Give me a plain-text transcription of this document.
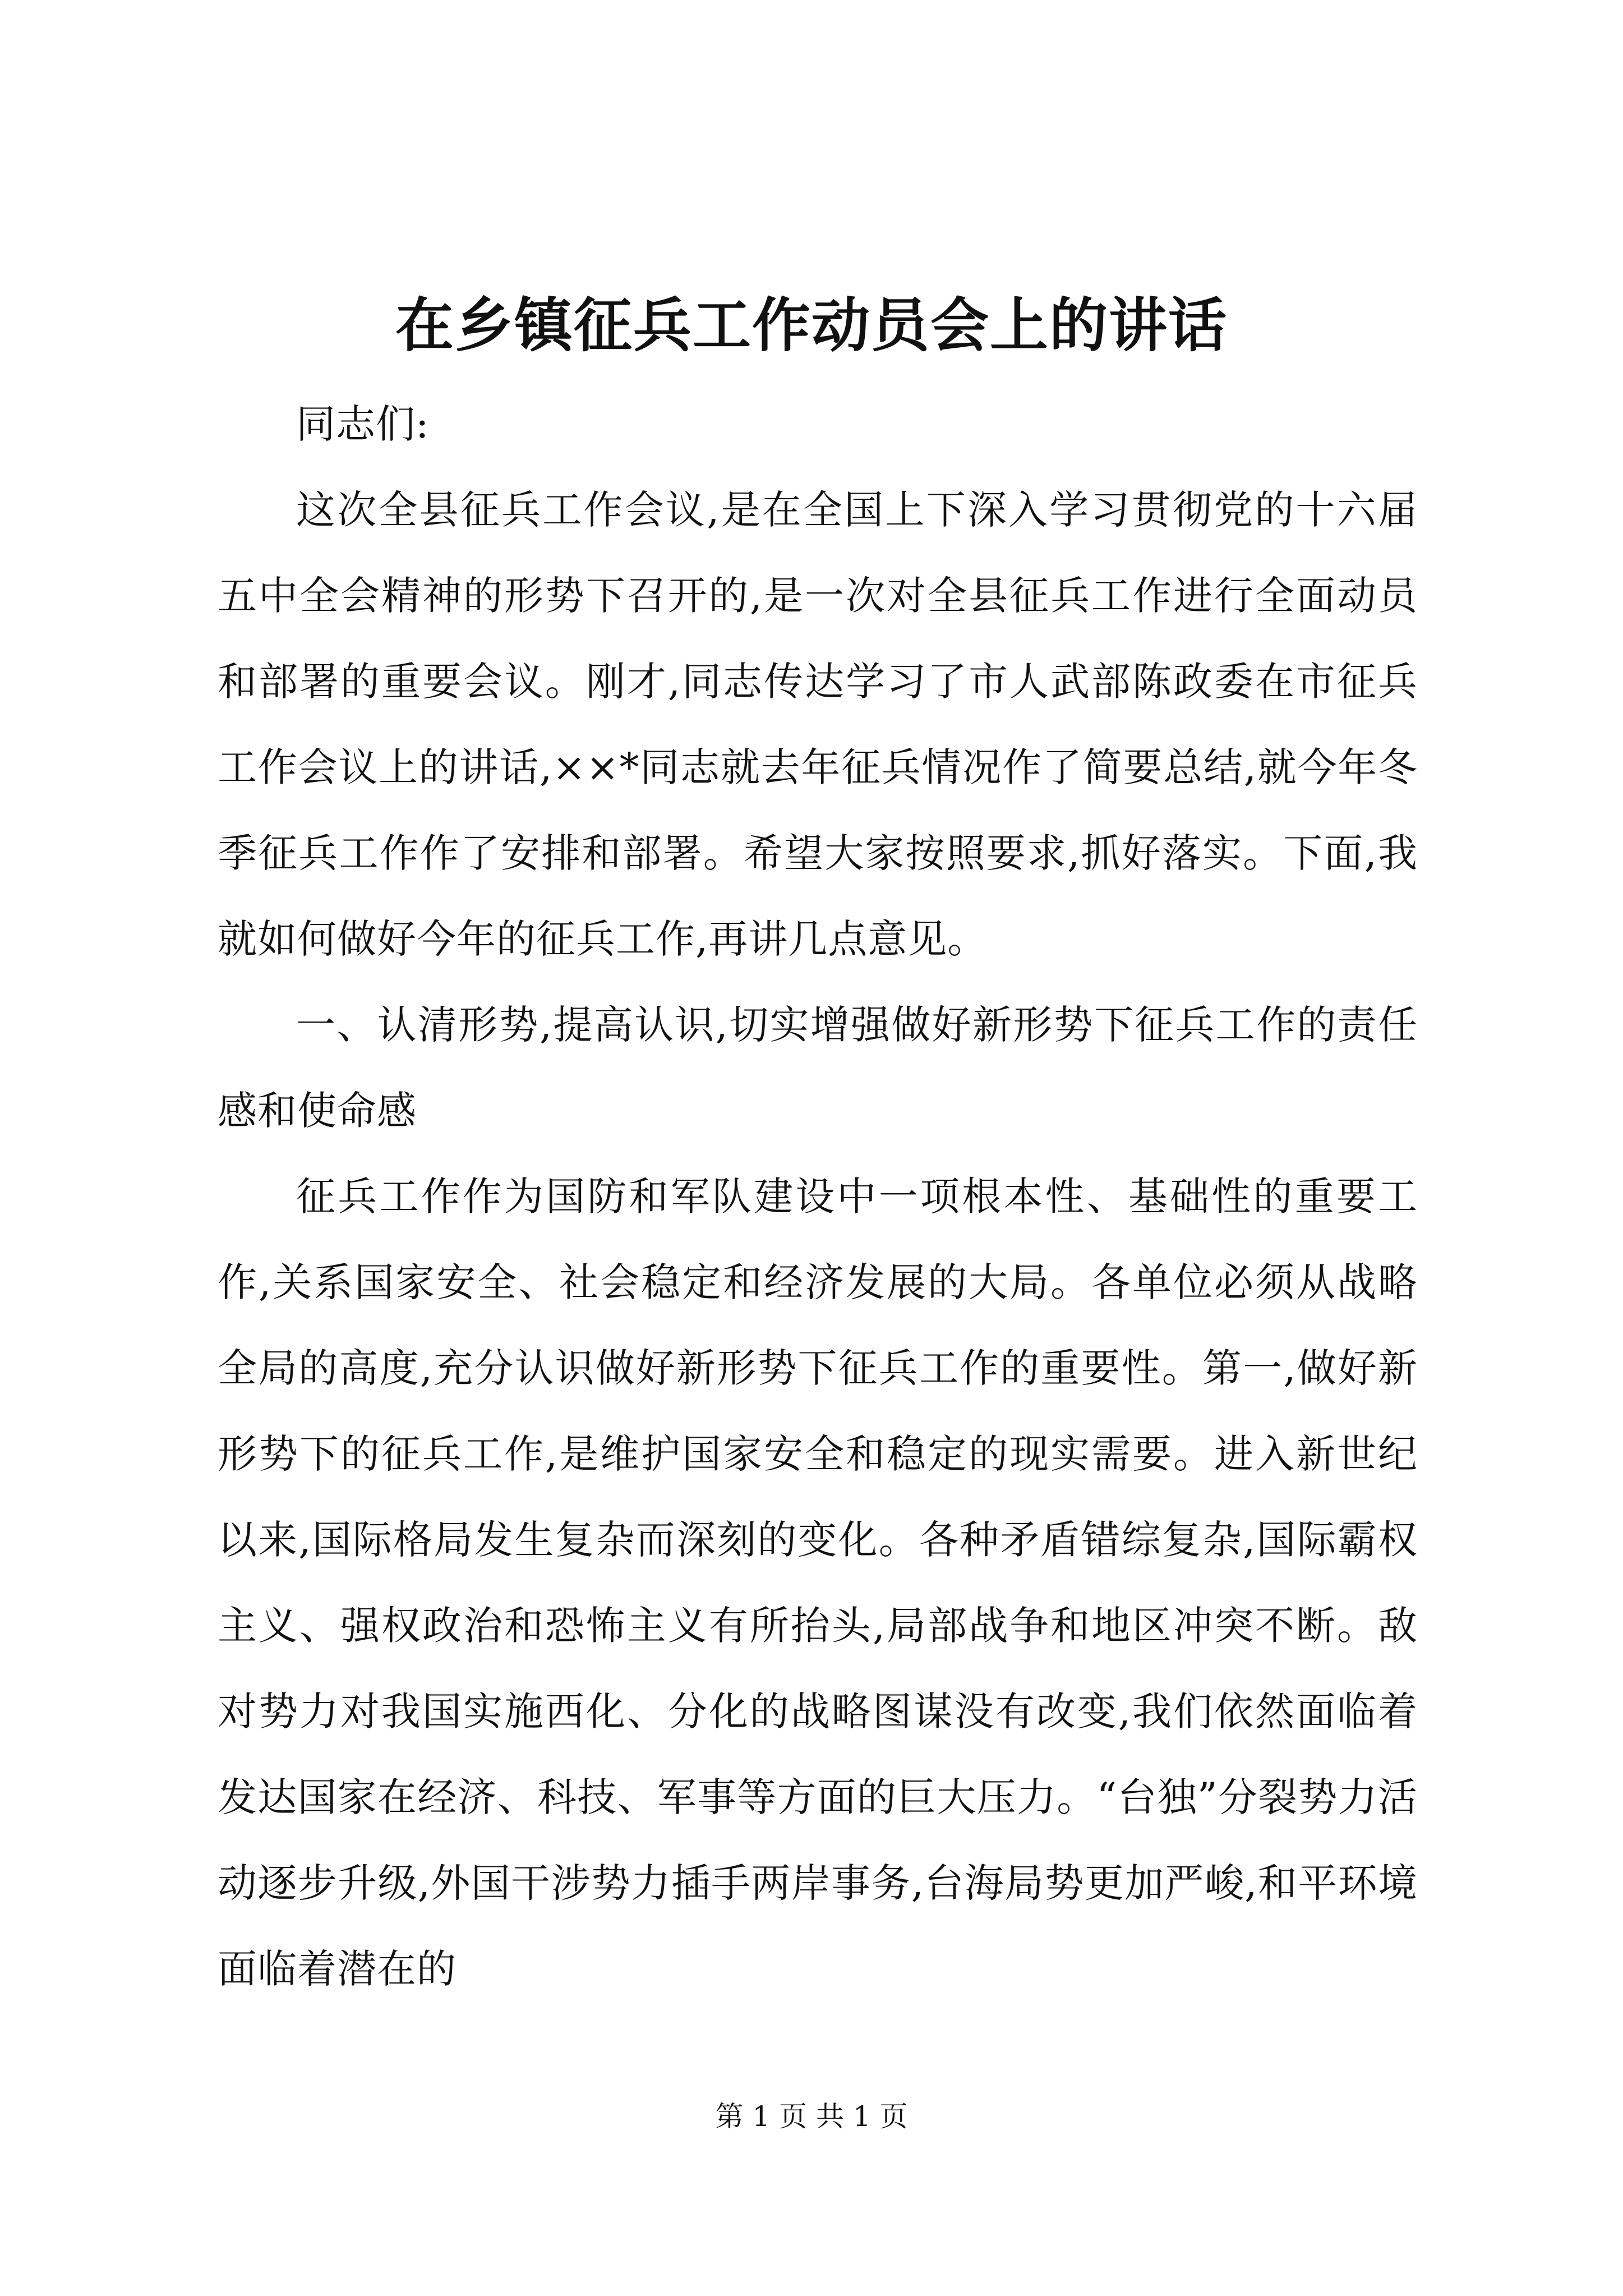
在乡镇征兵工作动员会上的讲话

同志们:

这次全县征兵工作会议,是在全国上下深入学习贯彻党的十六届五中全会精神的形势下召开的,是一次对全县征兵工作进行全面动员和部署的重要会议。刚才,同志传达学习了市人武部陈政委在市征兵工作会议上的讲话,××*同志就去年征兵情况作了简要总结,就今年冬季征兵工作作了安排和部署。希望大家按照要求,抓好落实。下面,我就如何做好今年的征兵工作,再讲几点意见。

一、认清形势,提高认识,切实增强做好新形势下征兵工作的责任感和使命感

征兵工作作为国防和军队建设中一项根本性、基础性的重要工作,关系国家安全、社会稳定和经济发展的大局。各单位必须从战略全局的高度,充分认识做好新形势下征兵工作的重要性。第一,做好新形势下的征兵工作,是维护国家安全和稳定的现实需要。进入新世纪以来,国际格局发生复杂而深刻的变化。各种矛盾错综复杂,国际霸权主义、强权政治和恐怖主义有所抬头,局部战争和地区冲突不断。敌对势力对我国实施西化、分化的战略图谋没有改变,我们依然面临着发达国家在经济、科技、军事等方面的巨大压力。“台独”分裂势力活动逐步升级,外国干涉势力插手两岸事务,台海局势更加严峻,和平环境面临着潜在的

第 1 页 共 1 页
